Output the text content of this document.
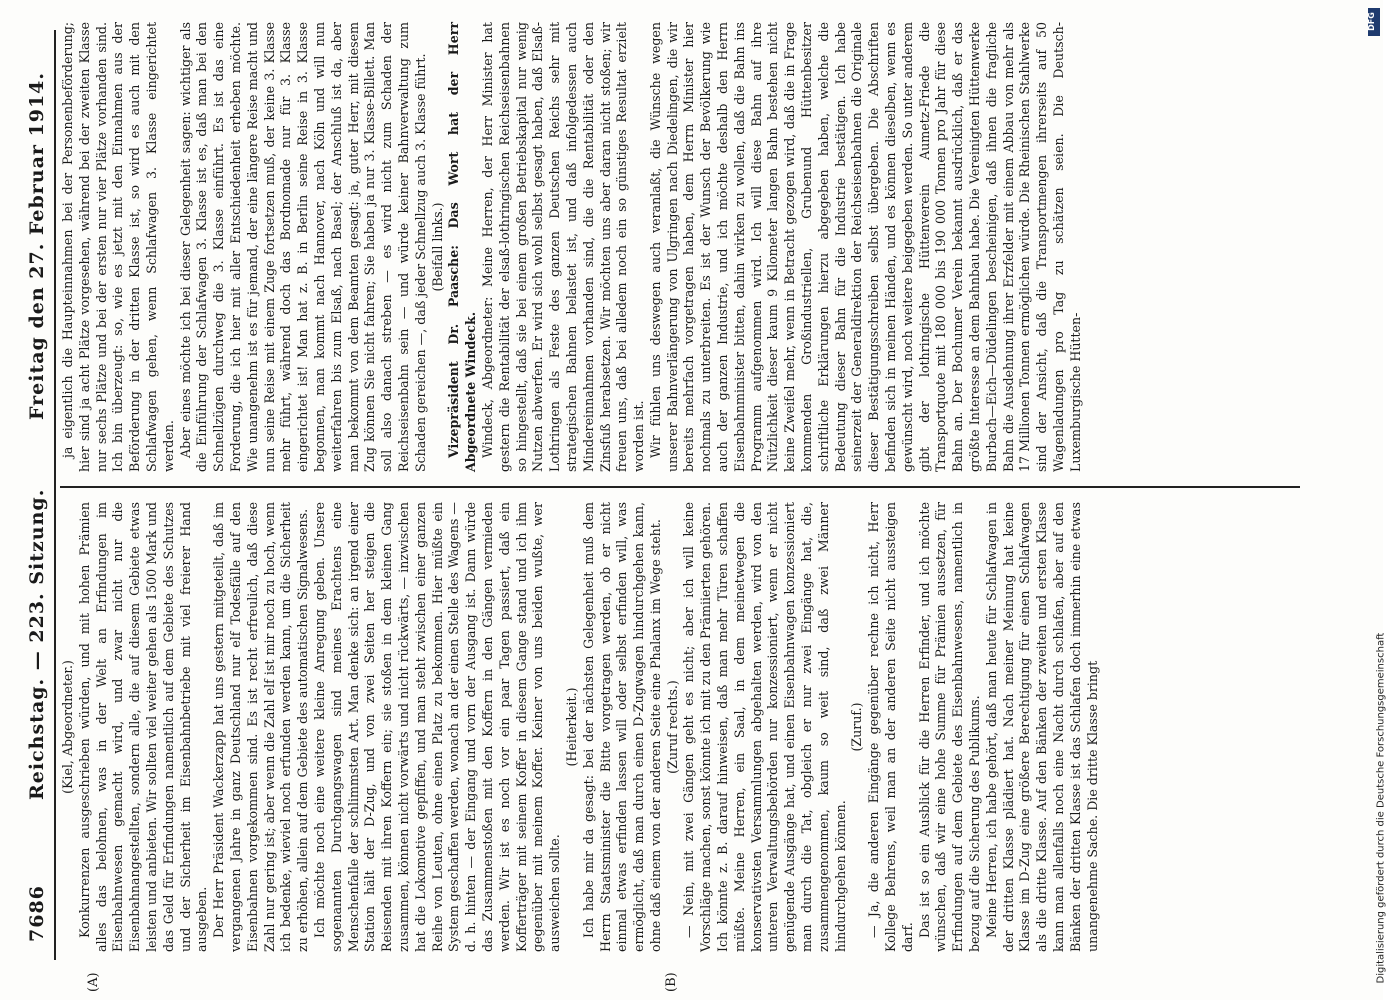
7686
Reichstag. — 223. Sitzung.
Freitag den 27. Februar 1914.
(A)	(B)

(Kiel, Abgeordneter.) Konkurrenzen ausgeschrieben würden, und mit hohen Prämien alles das belohnen, was in der Welt an Erfindungen im Eisenbahnwesen gemacht wird, und zwar nicht nur die Eisenbahnangestellten, sondern alle, die auf diesem Gebiete etwas leisten und anbieten. Wir sollten viel weiter gehen als 1500 Mark und das Geld für Erfindungen namentlich auf dem Gebiete des Schutzes und der Sicherheit im Eisenbahnbetriebe mit viel freierer Hand ausgeben. Der Herr Präsident Wackerzapp hat uns gestern mitgeteilt, daß im vergangenen Jahre in ganz Deutschland nur elf Todesfälle auf den Eisenbahnen vorgekommen sind. Es ist recht erfreulich, daß diese Zahl nur gering ist; aber wenn die Zahl elf ist mir noch zu hoch, wenn ich bedenke, wieviel noch erfunden werden kann, um die Sicherheit zu erhöhen, allein auf dem Gebiete des automatischen Signalwesens. Ich möchte noch eine weitere kleine Anregung geben. Unsere sogenannten Durchgangswagen sind meines Erachtens eine Menschenfalle der schlimmsten Art. Man denke sich: an irgend einer Station hält der D-Zug, und von zwei Seiten her steigen die Reisenden mit ihren Koffern ein; sie stoßen in dem kleinen Gang zusammen, können nicht vorwärts und nicht rückwärts, — inzwischen hat die Lokomotive gepfiffen, und man steht zwischen einer ganzen Reihe von Leuten, ohne einen Platz zu bekommen. Hier müßte ein System geschaffen werden, wonach an der einen Stelle des Wagens — d. h. hinten — der Eingang und vorn der Ausgang ist. Dann würde das Zusammenstoßen mit den Koffern in den Gängen vermieden werden. Wir ist es noch vor ein paar Tagen passiert, daß ein Kofferträger mit seinem Koffer in diesem Gange stand und ich ihm gegenüber mit meinem Koffer. Keiner von uns beiden wußte, wer ausweichen sollte.

(Heiterkeit.) Ich habe mir da gesagt: bei der nächsten Gelegenheit muß dem Herrn Staatsminister die Bitte vorgetragen werden, ob er nicht einmal etwas erfinden lassen will oder selbst erfinden will, was ermöglicht, daß man durch einen D-Zugwagen hindurchgehen kann, ohne daß einem von der anderen Seite eine Phalanx im Wege steht. (Zuruf rechts.) — Nein, mit zwei Gängen geht es nicht; aber ich will keine Vorschläge machen, sonst könnte ich mit zu den Prämiierten gehören. Ich könnte z. B. darauf hinweisen, daß man mehr Türen schaffen müßte. Meine Herren, ein Saal, in dem meinetwegen die konservativsten Versammlungen abgehalten werden, wird von den unteren Verwaltungsbehörden nur konzessioniert, wenn er nicht genügende Ausgänge hat, und einen Eisenbahnwagen konzessioniert man durch die Tat, obgleich er nur zwei Eingänge hat, die, zusammengenommen, kaum so weit sind, daß zwei Männer hindurchgehen können.

(Zuruf.) — Ja, die anderen Eingänge gegenüber rechne ich nicht, Herr Kollege Behrens, weil man an der anderen Seite nicht aussteigen darf. Das ist so ein Ausblick für die Herren Erfinder, und ich möchte wünschen, daß wir eine hohe Summe für Prämien aussetzen, für Erfindungen auf dem Gebiete des Eisenbahnwesens, namentlich in bezug auf die Sicherung des Publikums. Meine Herren, ich habe gehört, daß man heute für Schlafwagen in der dritten Klasse plädiert hat. Nach meiner Meinung hat keine Klasse im D-Zug eine größere Berechtigung für einen Schlafwagen als die dritte Klasse. Auf den Bänken der zweiten und ersten Klasse kann man allenfalls noch eine Nacht durch schlafen, aber auf den Bänken der dritten Klasse ist das Schlafen doch immerhin eine etwas unangenehme Sache. Die dritte Klasse bringt

ja eigentlich die Haupteinnahmen bei der Personenbeförderung; hier sind ja acht Plätze vorgesehen, während bei der zweiten Klasse nur sechs Plätze und bei der ersten nur vier Plätze vorhanden sind. Ich bin überzeugt: so, wie es jetzt mit den Einnahmen aus der Beförderung in der dritten Klasse ist, so wird es auch mit den Schlafwagen gehen, wenn Schlafwagen 3. Klasse eingerichtet werden. Aber eines möchte ich bei dieser Gelegenheit sagen: wichtiger als die Einführung der Schlafwagen 3. Klasse ist es, daß man bei den Schnellzügen durchweg die 3. Klasse einführt. Es ist das eine Forderung, die ich hier mit aller Entschiedenheit erheben möchte. Wie unangenehm ist es für jemand, der eine längere Reise macht und nun seine Reise mit einem Zuge fortsetzen muß, der keine 3. Klasse mehr führt, während doch das Bordnomade nur für 3. Klasse eingerichtet ist! Man hat z. B. in Berlin seine Reise in 3. Klasse begonnen, man kommt nach Hannover, nach Köln und will nun weiterfahren bis zum Elsaß, nach Basel; der Anschluß ist da, aber man bekommt von dem Beamten gesagt: ja, guter Herr, mit diesem Zug können Sie nicht fahren; Sie haben ja nur 3. Klasse-Billett. Man soll also danach streben — es wird nicht zum Schaden der Reichseisenbahn sein — und würde keiner Bahnverwaltung zum Schaden gereichen —, daß jeder Schnellzug auch 3. Klasse führt. (Beifall links.) Vizepräsident Dr. Paasche: Das Wort hat der Herr Abgeordnete Windeck. Windeck, Abgeordneter: Meine Herren, der Herr Minister hat gestern die Rentabilität der elsaß-lothringischen Reichseisenbahnen so hingestellt, daß sie bei einem großen Betriebskapital nur wenig Nutzen abwerfen. Er wird sich wohl selbst gesagt haben, daß Elsaß-Lothringen als Feste des ganzen Deutschen Reichs sehr mit strategischen Bahnen belastet ist, und daß infolgedessen auch Mindereinnahmen vorhanden sind, die die Rentabilität oder den Zinsfuß herabsetzen. Wir möchten uns aber daran nicht stoßen; wir freuen uns, daß bei alledem noch ein so günstiges Resultat erzielt worden ist. Wir fühlen uns deswegen auch veranlaßt, die Wünsche wegen unserer Bahnverlängerung von Ulgringen nach Diedelingen, die wir bereits mehrfach vorgetragen haben, dem Herrn Minister hier nochmals zu unterbreiten. Es ist der Wunsch der Bevölkerung wie auch der ganzen Industrie, und ich möchte deshalb den Herrn Eisenbahnminister bitten, dahin wirken zu wollen, daß die Bahn ins Programm aufgenommen wird. Ich will diese Bahn auf ihre Nützlichkeit dieser kaum 9 Kilometer langen Bahn bestehen nicht keine Zweifel mehr, wenn in Betracht gezogen wird, daß die in Frage kommenden Großindustriellen, Grubenund Hüttenbesitzer schriftliche Erklärungen hierzu abgegeben haben, welche die Bedeutung dieser Bahn für die Industrie bestätigen. Ich habe seinerzeit der Generaldirektion der Reichseisenbahnen die Originale dieser Bestätigungsschreiben selbst übergeben. Die Abschriften befinden sich in meinen Händen, und es können dieselben, wenn es gewünscht wird, noch weitere beigegeben werden. So unter anderem gibt der lothringische Hüttenverein Aumetz-Friede die Transportquote mit 180 000 bis 190 000 Tonnen pro Jahr für diese Bahn an. Der Bochumer Verein bekannt ausdrücklich, daß er das größte Interesse an dem Bahnbau habe. Die Vereinigten Hüttenwerke Burbach—Eich—Düdelingen bescheinigen, daß ihnen die fragliche Bahn die Ausdehnung ihrer Erzfelder mit einem Abbau von mehr als 17 Millionen Tonnen ermöglichen würde. Die Rheinischen Stahlwerke sind der Ansicht, daß die Transportmengen ihrerseits auf 50 Wagenladungen pro Tag zu schätzen seien. Die Deutsch-Luxemburgische Hütten-

DFG
Digitalisierung gefördert durch die Deutsche Forschungsgemeinschaft
